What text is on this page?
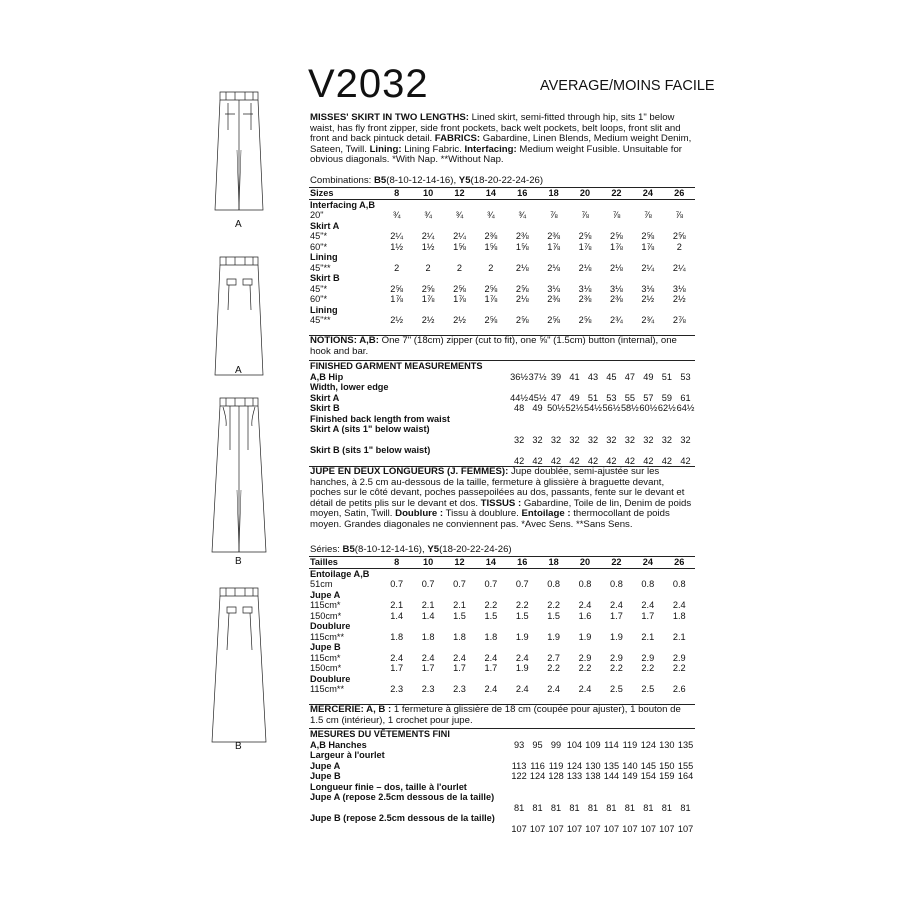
A
A
B
B
V2032	AVERAGE/MOINS FACILE
MISSES' SKIRT IN TWO LENGTHS: Lined skirt, semi-fitted through hip, sits 1" below waist, has fly front zipper, side front pockets, back welt pockets, belt loops, front slit and front and back pintuck detail. FABRICS: Gabardine, Linen Blends, Medium weight Denim, Sateen, Twill. Lining: Lining Fabric. Interfacing: Medium weight Fusible. Unsuitable for obvious diagonals. *With Nap. **Without Nap.
Combinations: B5(8-10-12-14-16), Y5(18-20-22-24-26)
Sizes	8	10	12	14	16	18	20	22	24	26
Interfacing A,B										
20"	¾	¾	¾	¾	¾	⅞	⅞	⅞	⅞	⅞
Skirt A										
45"*	2¼	2¼	2¼	2⅜	2⅜	2⅜	2⅝	2⅝	2⅝	2⅝
60"*	1½	1½	1⅝	1⅝	1⅝	1⅞	1⅞	1⅞	1⅞	2
Lining										
45"**	2	2	2	2	2⅛	2⅛	2⅛	2⅛	2¼	2¼
Skirt B										
45"*	2⅝	2⅝	2⅝	2⅝	2⅝	3⅛	3⅛	3⅛	3⅛	3⅛
60"*	1⅞	1⅞	1⅞	1⅞	2⅛	2⅜	2⅜	2⅜	2½	2½
Lining										
45"**	2½	2½	2½	2⅝	2⅝	2⅝	2⅝	2¾	2¾	2⅞
NOTIONS: A,B: One 7" (18cm) zipper (cut to fit), one ⅝" (1.5cm) button (internal), one hook and bar.
FINISHED GARMENT MEASUREMENTS										
A,B Hip	36½	37½	39	41	43	45	47	49	51	53
Width, lower edge										
Skirt A	44½	45½	47	49	51	53	55	57	59	61
Skirt B	48	49	50½	52½	54½	56½	58½	60½	62½	64½
Finished back length from waist										
Skirt A (sits 1" below waist)										
	32	32	32	32	32	32	32	32	32	32
Skirt B (sits 1" below waist)										
	42	42	42	42	42	42	42	42	42	42
JUPE EN DEUX LONGUEURS (J. FEMMES): Jupe doublée, semi-ajustée sur les hanches, à 2.5 cm au-dessous de la taille, fermeture à glissière à braguette devant, poches sur le côté devant, poches passepoilées au dos, passants, fente sur le devant et détail de petits plis sur le devant et dos. TISSUS : Gabardine, Toile de lin, Denim de poids moyen, Satin, Twill. Doublure : Tissu à doublure. Entoilage : thermocollant de poids moyen. Grandes diagonales ne conviennent pas. *Avec Sens. **Sans Sens.
Séries: B5(8-10-12-14-16), Y5(18-20-22-24-26)
Tailles	8	10	12	14	16	18	20	22	24	26
Entoilage A,B										
51cm	0.7	0.7	0.7	0.7	0.7	0.8	0.8	0.8	0.8	0.8
Jupe A										
115cm*	2.1	2.1	2.1	2.2	2.2	2.2	2.4	2.4	2.4	2.4
150cm*	1.4	1.4	1.5	1.5	1.5	1.5	1.6	1.7	1.7	1.8
Doublure										
115cm**	1.8	1.8	1.8	1.8	1.9	1.9	1.9	1.9	2.1	2.1
Jupe B										
115cm*	2.4	2.4	2.4	2.4	2.4	2.7	2.9	2.9	2.9	2.9
150cm*	1.7	1.7	1.7	1.7	1.9	2.2	2.2	2.2	2.2	2.2
Doublure										
115cm**	2.3	2.3	2.3	2.4	2.4	2.4	2.4	2.5	2.5	2.6
MERCERIE: A, B : 1 fermeture à glissière de 18 cm (coupée pour ajuster), 1 bouton de 1.5 cm (intérieur), 1 crochet pour jupe.
MESURES DU VÊTEMENTS FINI										
A,B Hanches	93	95	99	104	109	114	119	124	130	135
Largeur à l'ourlet										
Jupe A	113	116	119	124	130	135	140	145	150	155
Jupe B	122	124	128	133	138	144	149	154	159	164
Longueur finie – dos, taille à l'ourlet										
Jupe A (repose 2.5cm dessous de la taille)										
	81	81	81	81	81	81	81	81	81	81
Jupe B (repose 2.5cm dessous de la taille)										
	107	107	107	107	107	107	107	107	107	107
